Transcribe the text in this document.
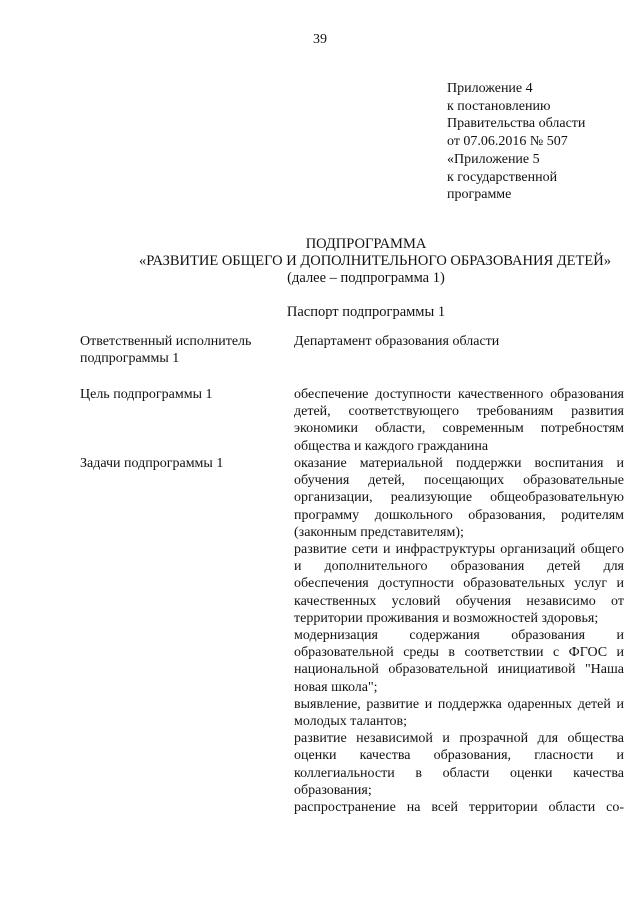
39
Приложение 4
к постановлению
Правительства области
от 07.06.2016 № 507
«Приложение 5
к государственной
программе
ПОДПРОГРАММА
«РАЗВИТИЕ ОБЩЕГО И ДОПОЛНИТЕЛЬНОГО ОБРАЗОВАНИЯ ДЕТЕЙ»
(далее – подпрограмма 1)
Паспорт подпрограммы 1
Ответственный исполнитель подпрограммы 1
Департамент образования области
Цель подпрограммы 1	обеспечение доступности качественного образования детей, соответствующего требованиям развития экономики области, современным потребностям общества и каждого гражданина

Задачи подпрограммы 1	оказание материальной поддержки воспитания и обучения детей, посещающих образовательные организации, реализующие общеобразовательную программу дошкольного образования, родителям (законным представителям);

развитие сети и инфраструктуры организаций общего и дополнительного образования детей для обеспечения доступности образовательных услуг и качественных условий обучения независимо от территории проживания и возможностей здоровья;

модернизация содержания образования и образовательной среды в соответствии с ФГОС и национальной образовательной инициативой "Наша новая школа";

выявление, развитие и поддержка одаренных детей и молодых талантов;

развитие независимой и прозрачной для общества оценки качества образования, гласности и коллегиальности в области оценки качества образования;

распространение на всей территории области со-
